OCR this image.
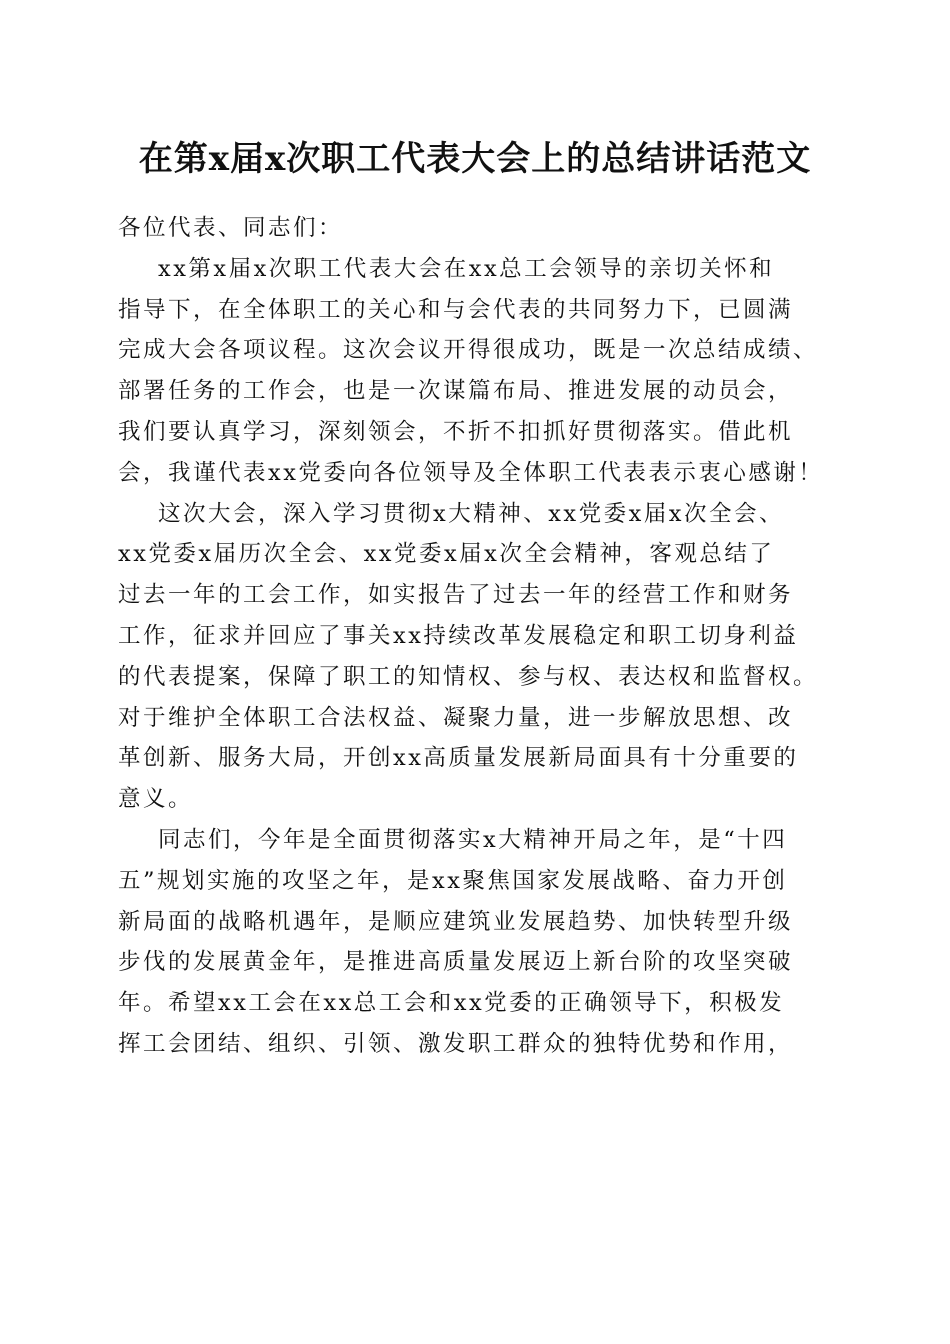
在第x届x次职工代表大会上的总结讲话范文
各位代表、同志们：
xx第x届x次职工代表大会在xx总工会领导的亲切关怀和
指导下，在全体职工的关心和与会代表的共同努力下，已圆满
完成大会各项议程。这次会议开得很成功，既是一次总结成绩、
部署任务的工作会，也是一次谋篇布局、推进发展的动员会，
我们要认真学习，深刻领会，不折不扣抓好贯彻落实。借此机
会，我谨代表xx党委向各位领导及全体职工代表表示衷心感谢！
这次大会，深入学习贯彻x大精神、xx党委x届x次全会、
xx党委x届历次全会、xx党委x届x次全会精神，客观总结了
过去一年的工会工作，如实报告了过去一年的经营工作和财务
工作，征求并回应了事关xx持续改革发展稳定和职工切身利益
的代表提案，保障了职工的知情权、参与权、表达权和监督权。
对于维护全体职工合法权益、凝聚力量，进一步解放思想、改
革创新、服务大局，开创xx高质量发展新局面具有十分重要的
意义。
同志们，今年是全面贯彻落实x大精神开局之年，是“十四
五”规划实施的攻坚之年，是xx聚焦国家发展战略、奋力开创
新局面的战略机遇年，是顺应建筑业发展趋势、加快转型升级
步伐的发展黄金年，是推进高质量发展迈上新台阶的攻坚突破
年。希望xx工会在xx总工会和xx党委的正确领导下，积极发
挥工会团结、组织、引领、激发职工群众的独特优势和作用，
